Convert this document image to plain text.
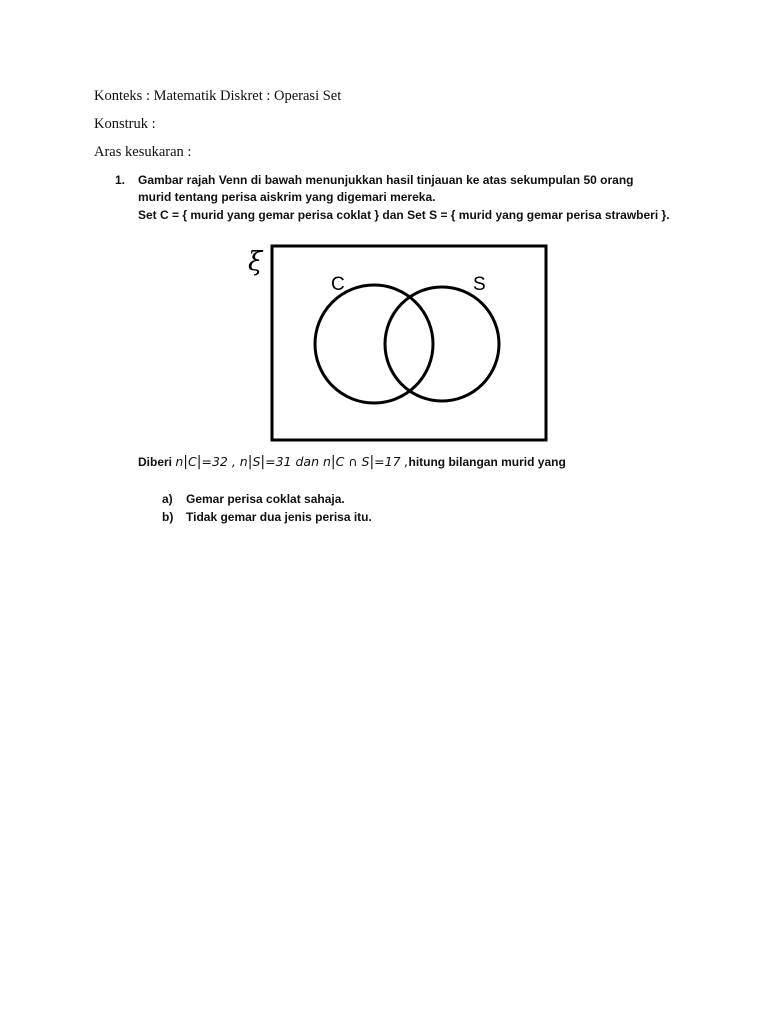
Konteks : Matematik Diskret : Operasi Set
Konstruk :
Aras kesukaran :
1. Gambar rajah Venn di bawah menunjukkan hasil tinjauan ke atas sekumpulan 50 orang
murid tentang perisa aiskrim yang digemari mereka.
Set C = { murid yang gemar perisa coklat } dan Set S = { murid yang gemar perisa strawberi }.
ξ
C	S
Diberi n|C|=32 , n|S|=31 dan n|C ∩ S|=17 ,hitung bilangan murid yang
a) Gemar perisa coklat sahaja.
b) Tidak gemar dua jenis perisa itu.
